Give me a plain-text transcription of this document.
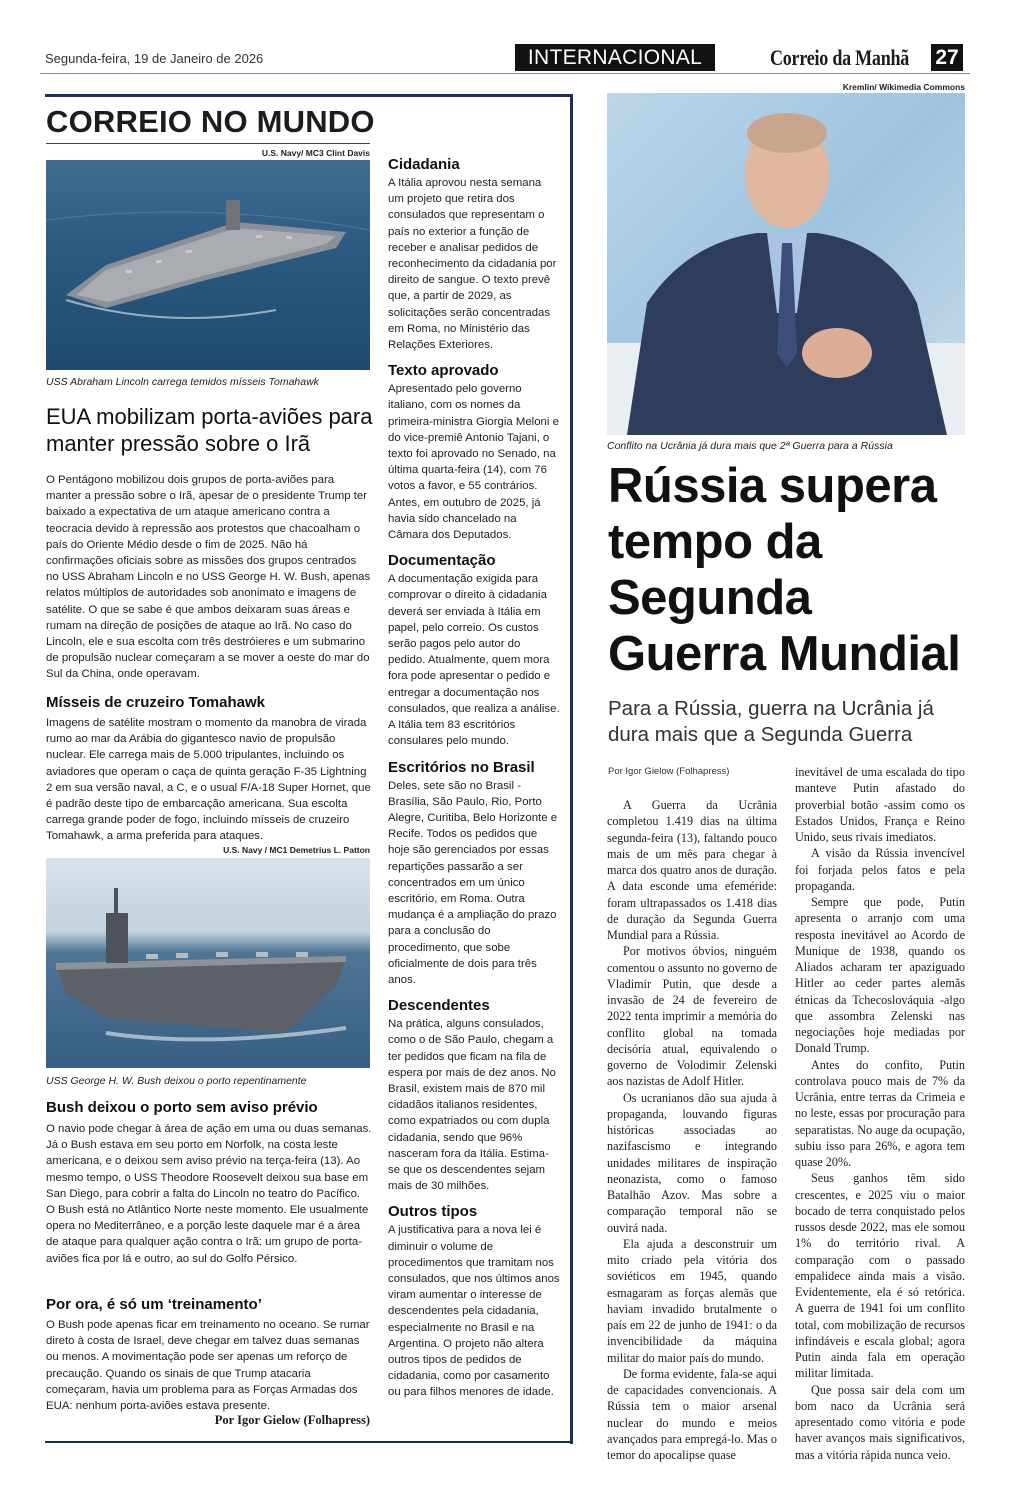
Segunda-feira, 19 de Janeiro de 2026	INTERNACIONAL	Correio da Manhã 27
CORREIO NO MUNDO
U.S. Navy/ MC3 Clint Davis
USS Abraham Lincoln carrega temidos mísseis Tomahawk
EUA mobilizam porta-aviões para manter pressão sobre o Irã
O Pentágono mobilizou dois grupos de porta-aviões para manter a pressão sobre o Irã, apesar de o presidente Trump ter baixado a expectativa de um ataque americano contra a teocracia devido à repressão aos protestos que chacoalham o país do Oriente Médio desde o fim de 2025. Não há confirmações oficiais sobre as missões dos grupos centrados no USS Abraham Lincoln e no USS George H. W. Bush, apenas relatos múltiplos de autoridades sob anonimato e imagens de satélite. O que se sabe é que ambos deixaram suas áreas e rumam na direção de posições de ataque ao Irã. No caso do Lincoln, ele e sua escolta com três destróieres e um submarino de propulsão nuclear começaram a se mover a oeste do mar do Sul da China, onde operavam.
Mísseis de cruzeiro Tomahawk
Imagens de satélite mostram o momento da manobra de virada rumo ao mar da Arábia do gigantesco navio de propulsão nuclear. Ele carrega mais de 5.000 tripulantes, incluindo os aviadores que operam o caça de quinta geração F-35 Lightning 2 em sua versão naval, a C, e o usual F/A-18 Super Hornet, que é padrão deste tipo de embarcação americana. Sua escolta carrega grande poder de fogo, incluindo mísseis de cruzeiro Tomahawk, a arma preferida para ataques.
U.S. Navy / MC1 Demetrius L. Patton
USS George H. W. Bush deixou o porto repentinamente
Bush deixou o porto sem aviso prévio
O navio pode chegar à área de ação em uma ou duas semanas. Já o Bush estava em seu porto em Norfolk, na costa leste americana, e o deixou sem aviso prévio na terça-feira (13). Ao mesmo tempo, o USS Theodore Roosevelt deixou sua base em San Diego, para cobrir a falta do Lincoln no teatro do Pacífico. O Bush está no Atlântico Norte neste momento. Ele usualmente opera no Mediterrâneo, e a porção leste daquele mar é a área de ataque para qualquer ação contra o Irã: um grupo de porta-aviões fica por lá e outro, ao sul do Golfo Pérsico.
Por ora, é só um ‘treinamento’
O Bush pode apenas ficar em treinamento no oceano. Se rumar direto à costa de Israel, deve chegar em talvez duas semanas ou menos. A movimentação pode ser apenas um reforço de precaução. Quando os sinais de que Trump atacaria começaram, havia um problema para as Forças Armadas dos EUA: nenhum porta-aviões estava presente.
Por Igor Gielow (Folhapress)
Cidadania
A Itália aprovou nesta semana um projeto que retira dos consulados que representam o país no exterior a função de receber e analisar pedidos de reconhecimento da cidadania por direito de sangue. O texto prevê que, a partir de 2029, as solicitações serão concentradas em Roma, no Ministério das Relações Exteriores.
Texto aprovado
Apresentado pelo governo italiano, com os nomes da primeira-ministra Giorgia Meloni e do vice-premiê Antonio Tajani, o texto foi aprovado no Senado, na última quarta-feira (14), com 76 votos a favor, e 55 contrários. Antes, em outubro de 2025, já havia sido chancelado na Câmara dos Deputados.
Documentação
A documentação exigida para comprovar o direito à cidadania deverá ser enviada à Itália em papel, pelo correio. Os custos serão pagos pelo autor do pedido. Atualmente, quem mora fora pode apresentar o pedido e entregar a documentação nos consulados, que realiza a análise. A Itália tem 83 escritórios consulares pelo mundo.
Escritórios no Brasil
Deles, sete são no Brasil - Brasília, São Paulo, Rio, Porto Alegre, Curitiba, Belo Horizonte e Recife. Todos os pedidos que hoje são gerenciados por essas repartições passarão a ser concentrados em um único escritório, em Roma. Outra mudança é a ampliação do prazo para a conclusão do procedimento, que sobe oficialmente de dois para três anos.
Descendentes
Na prática, alguns consulados, como o de São Paulo, chegam a ter pedidos que ficam na fila de espera por mais de dez anos. No Brasil, existem mais de 870 mil cidadãos italianos residentes, como expatriados ou com dupla cidadania, sendo que 96% nasceram fora da Itália. Estima-se que os descendentes sejam mais de 30 milhões.
Outros tipos
A justificativa para a nova lei é diminuir o volume de procedimentos que tramitam nos consulados, que nos últimos anos viram aumentar o interesse de descendentes pela cidadania, especialmente no Brasil e na Argentina. O projeto não altera outros tipos de pedidos de cidadania, como por casamento ou para filhos menores de idade.
Kremlin/ Wikimedia Commons
Conflito na Ucrânia já dura mais que 2ª Guerra para a Rússia
Rússia supera tempo da Segunda Guerra Mundial
Para a Rússia, guerra na Ucrânia já dura mais que a Segunda Guerra
Por Igor Gielow (Folhapress)

A Guerra da Ucrânia completou 1.419 dias na última segunda-feira (13), faltando pouco mais de um mês para chegar à marca dos quatro anos de duração. A data esconde uma efeméride: foram ultrapassados os 1.418 dias de duração da Segunda Guerra Mundial para a Rússia.

Por motivos óbvios, ninguém comentou o assunto no governo de Vladimir Putin, que desde a invasão de 24 de fevereiro de 2022 tenta imprimir a memória do conflito global na tomada decisória atual, equivalendo o governo de Volodimir Zelenski aos nazistas de Adolf Hitler.

Os ucranianos dão sua ajuda à propaganda, louvando figuras históricas associadas ao nazifascismo e integrando unidades militares de inspiração neonazista, como o famoso Batalhão Azov. Mas sobre a comparação temporal não se ouvirá nada.

Ela ajuda a desconstruir um mito criado pela vitória dos soviéticos em 1945, quando esmagaram as forças alemãs que haviam invadido brutalmente o país em 22 de junho de 1941: o da invencibilidade da máquina militar do maior país do mundo.

De forma evidente, fala-se aqui de capacidades convencionais. A Rússia tem o maior arsenal nuclear do mundo e meios avançados para empregá-lo. Mas o temor do apocalipse quase

inevitável de uma escalada do tipo manteve Putin afastado do proverbial botão -assim como os Estados Unidos, França e Reino Unido, seus rivais imediatos.

A visão da Rússia invencível foi forjada pelos fatos e pela propaganda.

Sempre que pode, Putin apresenta o arranjo com uma resposta inevitável ao Acordo de Munique de 1938, quando os Aliados acharam ter apaziguado Hitler ao ceder partes alemãs étnicas da Tchecoslováquia -algo que assombra Zelenski nas negociações hoje mediadas por Donald Trump.

Antes do confito, Putin controlava pouco mais de 7% da Ucrânia, entre terras da Crimeia e no leste, essas por procuração para separatistas. No auge da ocupação, subiu isso para 26%, e agora tem quase 20%.

Seus ganhos têm sido crescentes, e 2025 viu o maior bocado de terra conquistado pelos russos desde 2022, mas ele somou 1% do território rival. A comparação com o passado empalidece ainda mais a visão. Evidentemente, ela é só retórica. A guerra de 1941 foi um conflito total, com mobilização de recursos infindáveis e escala global; agora Putin ainda fala em operação militar limitada.

Que possa sair dela com um bom naco da Ucrânia será apresentado como vitória e pode haver avanços mais significativos, mas a vitória rápida nunca veio.
